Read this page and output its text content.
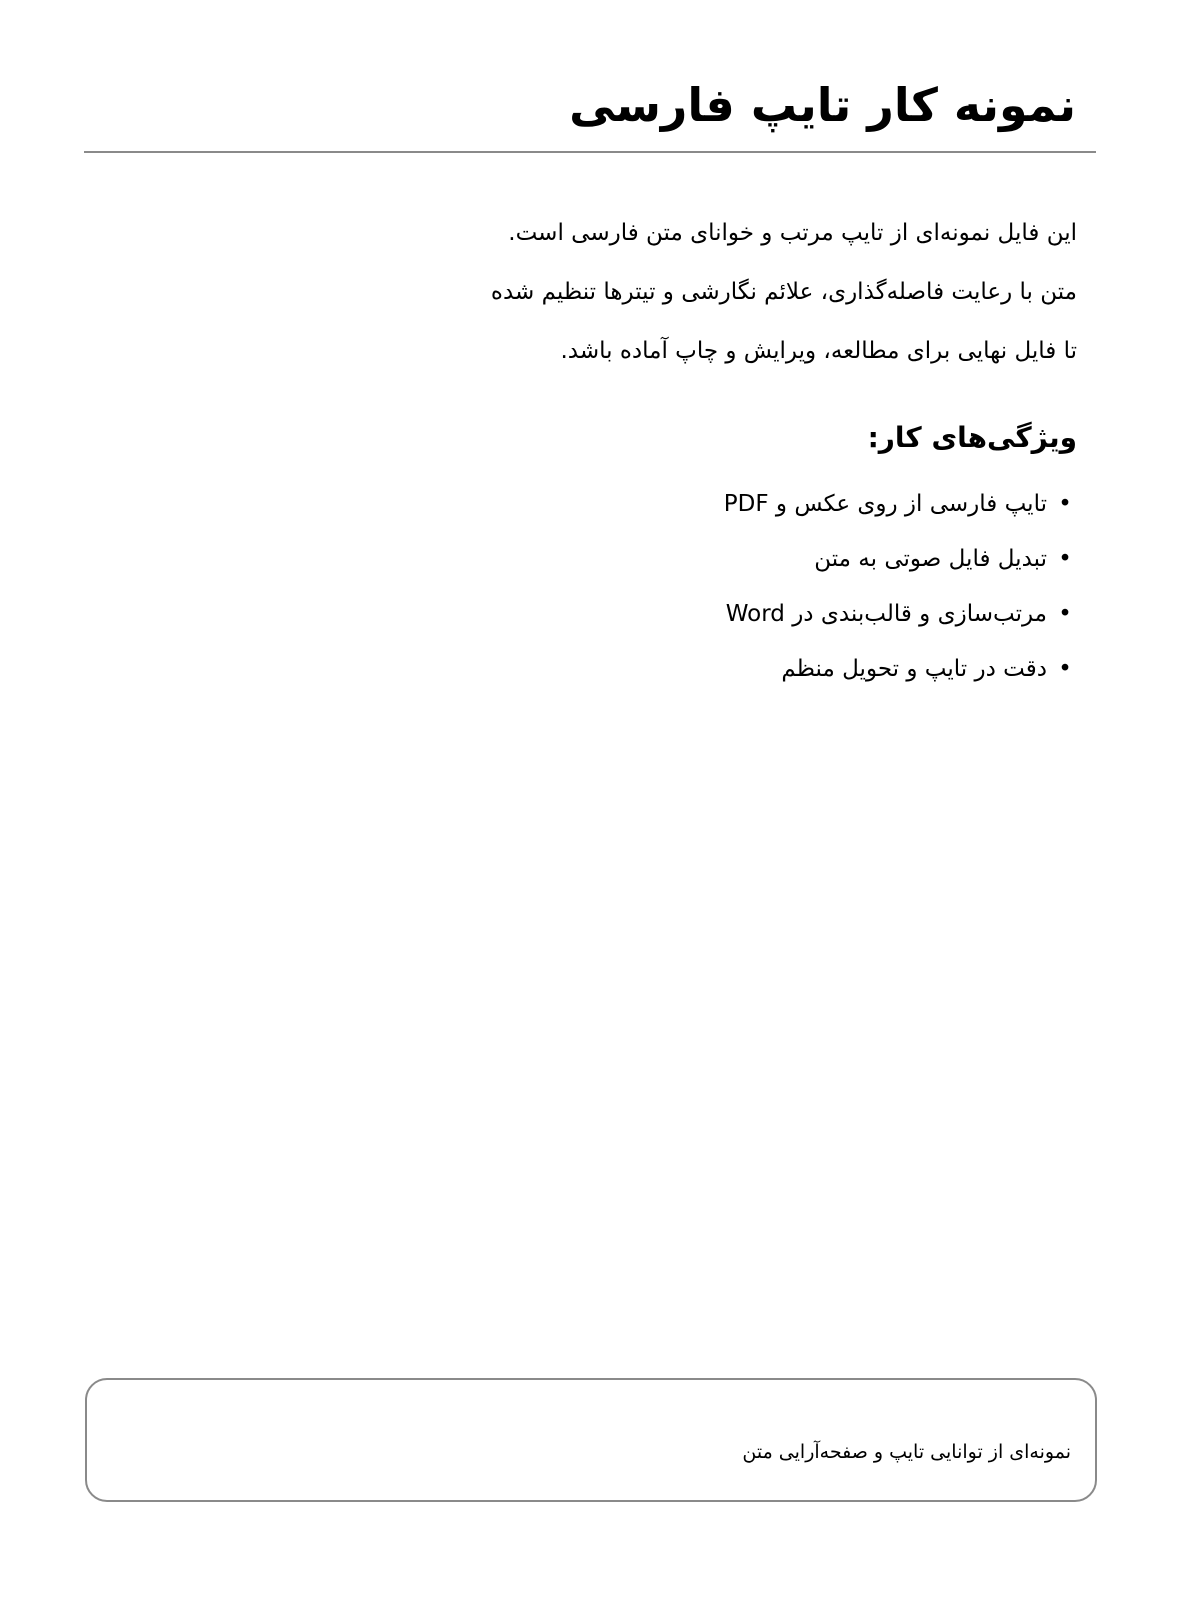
نمونه کار تایپ فارسی

این فایل نمونه‌ای از تایپ مرتب و خوانای متن فارسی است.

متن با رعایت فاصله‌گذاری، علائم نگارشی و تیترها تنظیم شده

تا فایل نهایی برای مطالعه، ویرایش و چاپ آماده باشد.

ویژگی‌های کار:
•تایپ فارسی از روی عکس و PDF
•تبدیل فایل صوتی به متن
•مرتب‌سازی و قالب‌بندی در Word
•دقت در تایپ و تحویل منظم
نمونه‌ای از توانایی تایپ و صفحه‌آرایی متن
